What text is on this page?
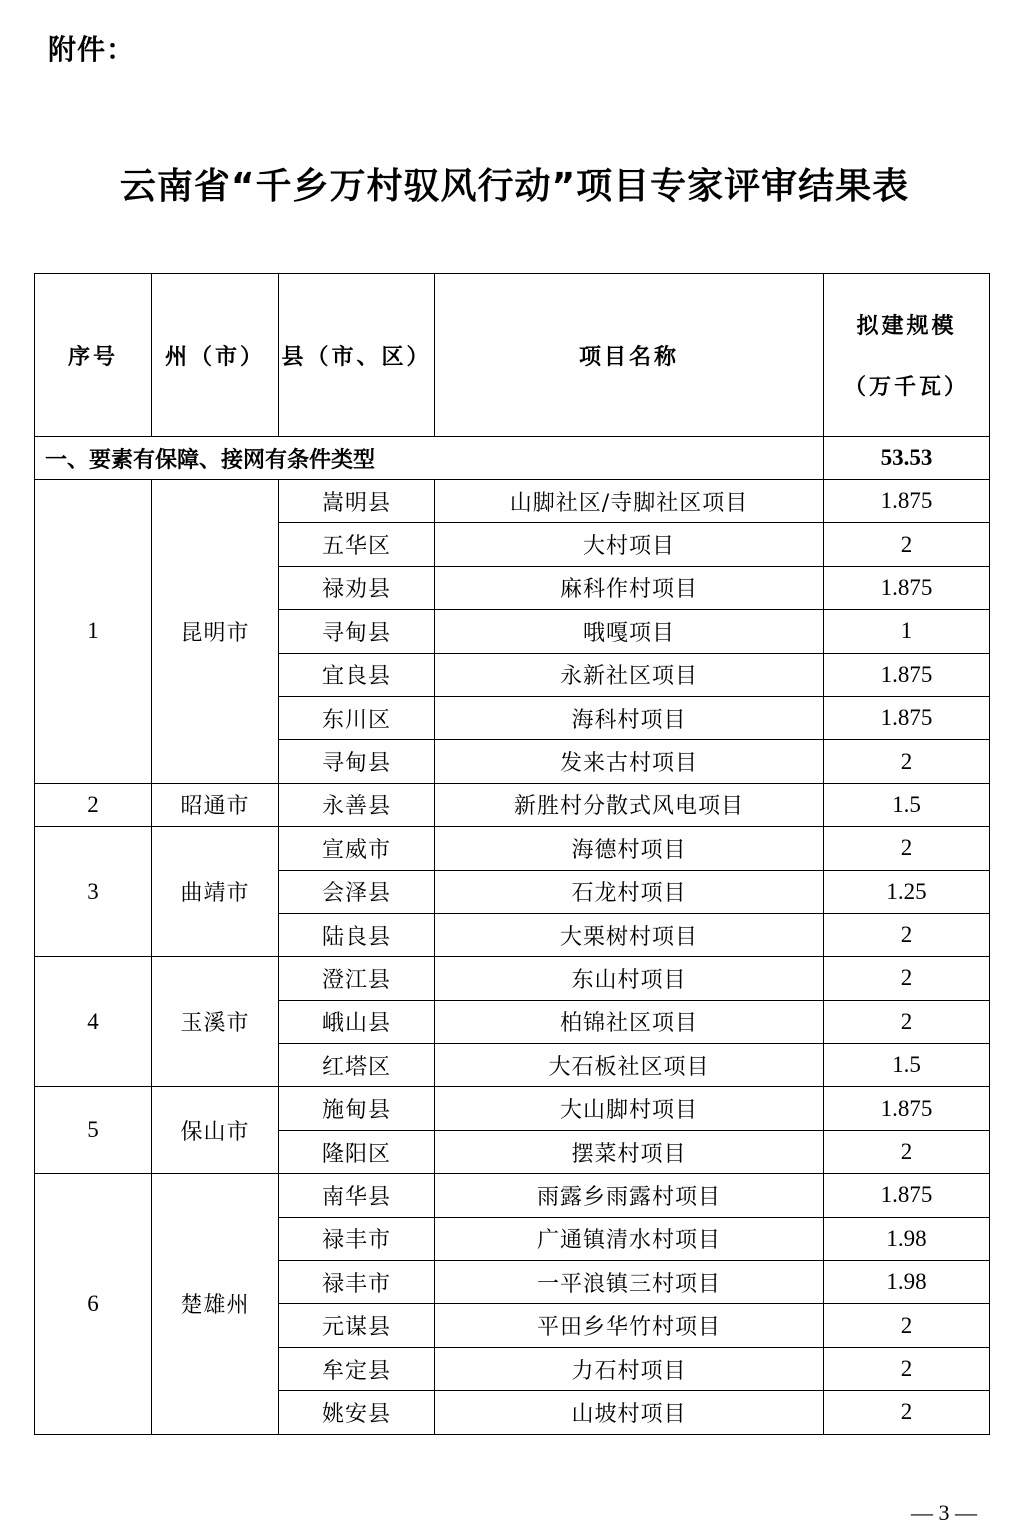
附件：
云南省“千乡万村驭风行动”项目专家评审结果表
序号	州（市）	县（市、区）	项目名称	拟建规模
（万千瓦）

一、要素有保障、接网有条件类型				53.53
1	昆明市	嵩明县	山脚社区/寺脚社区项目	1.875
		五华区	大村项目	2
		禄劝县	麻科作村项目	1.875
		寻甸县	哦嘎项目	1
		宜良县	永新社区项目	1.875
		东川区	海科村项目	1.875
		寻甸县	发来古村项目	2
2	昭通市	永善县	新胜村分散式风电项目	1.5
3	曲靖市	宣威市	海德村项目	2
		会泽县	石龙村项目	1.25
		陆良县	大栗树村项目	2
4	玉溪市	澄江县	东山村项目	2
		峨山县	柏锦社区项目	2
		红塔区	大石板社区项目	1.5
5	保山市	施甸县	大山脚村项目	1.875
		隆阳区	摆菜村项目	2
6	楚雄州	南华县	雨露乡雨露村项目	1.875
		禄丰市	广通镇清水村项目	1.98
		禄丰市	一平浪镇三村项目	1.98
		元谋县	平田乡华竹村项目	2
		牟定县	力石村项目	2
		姚安县	山坡村项目	2
— 3 —
